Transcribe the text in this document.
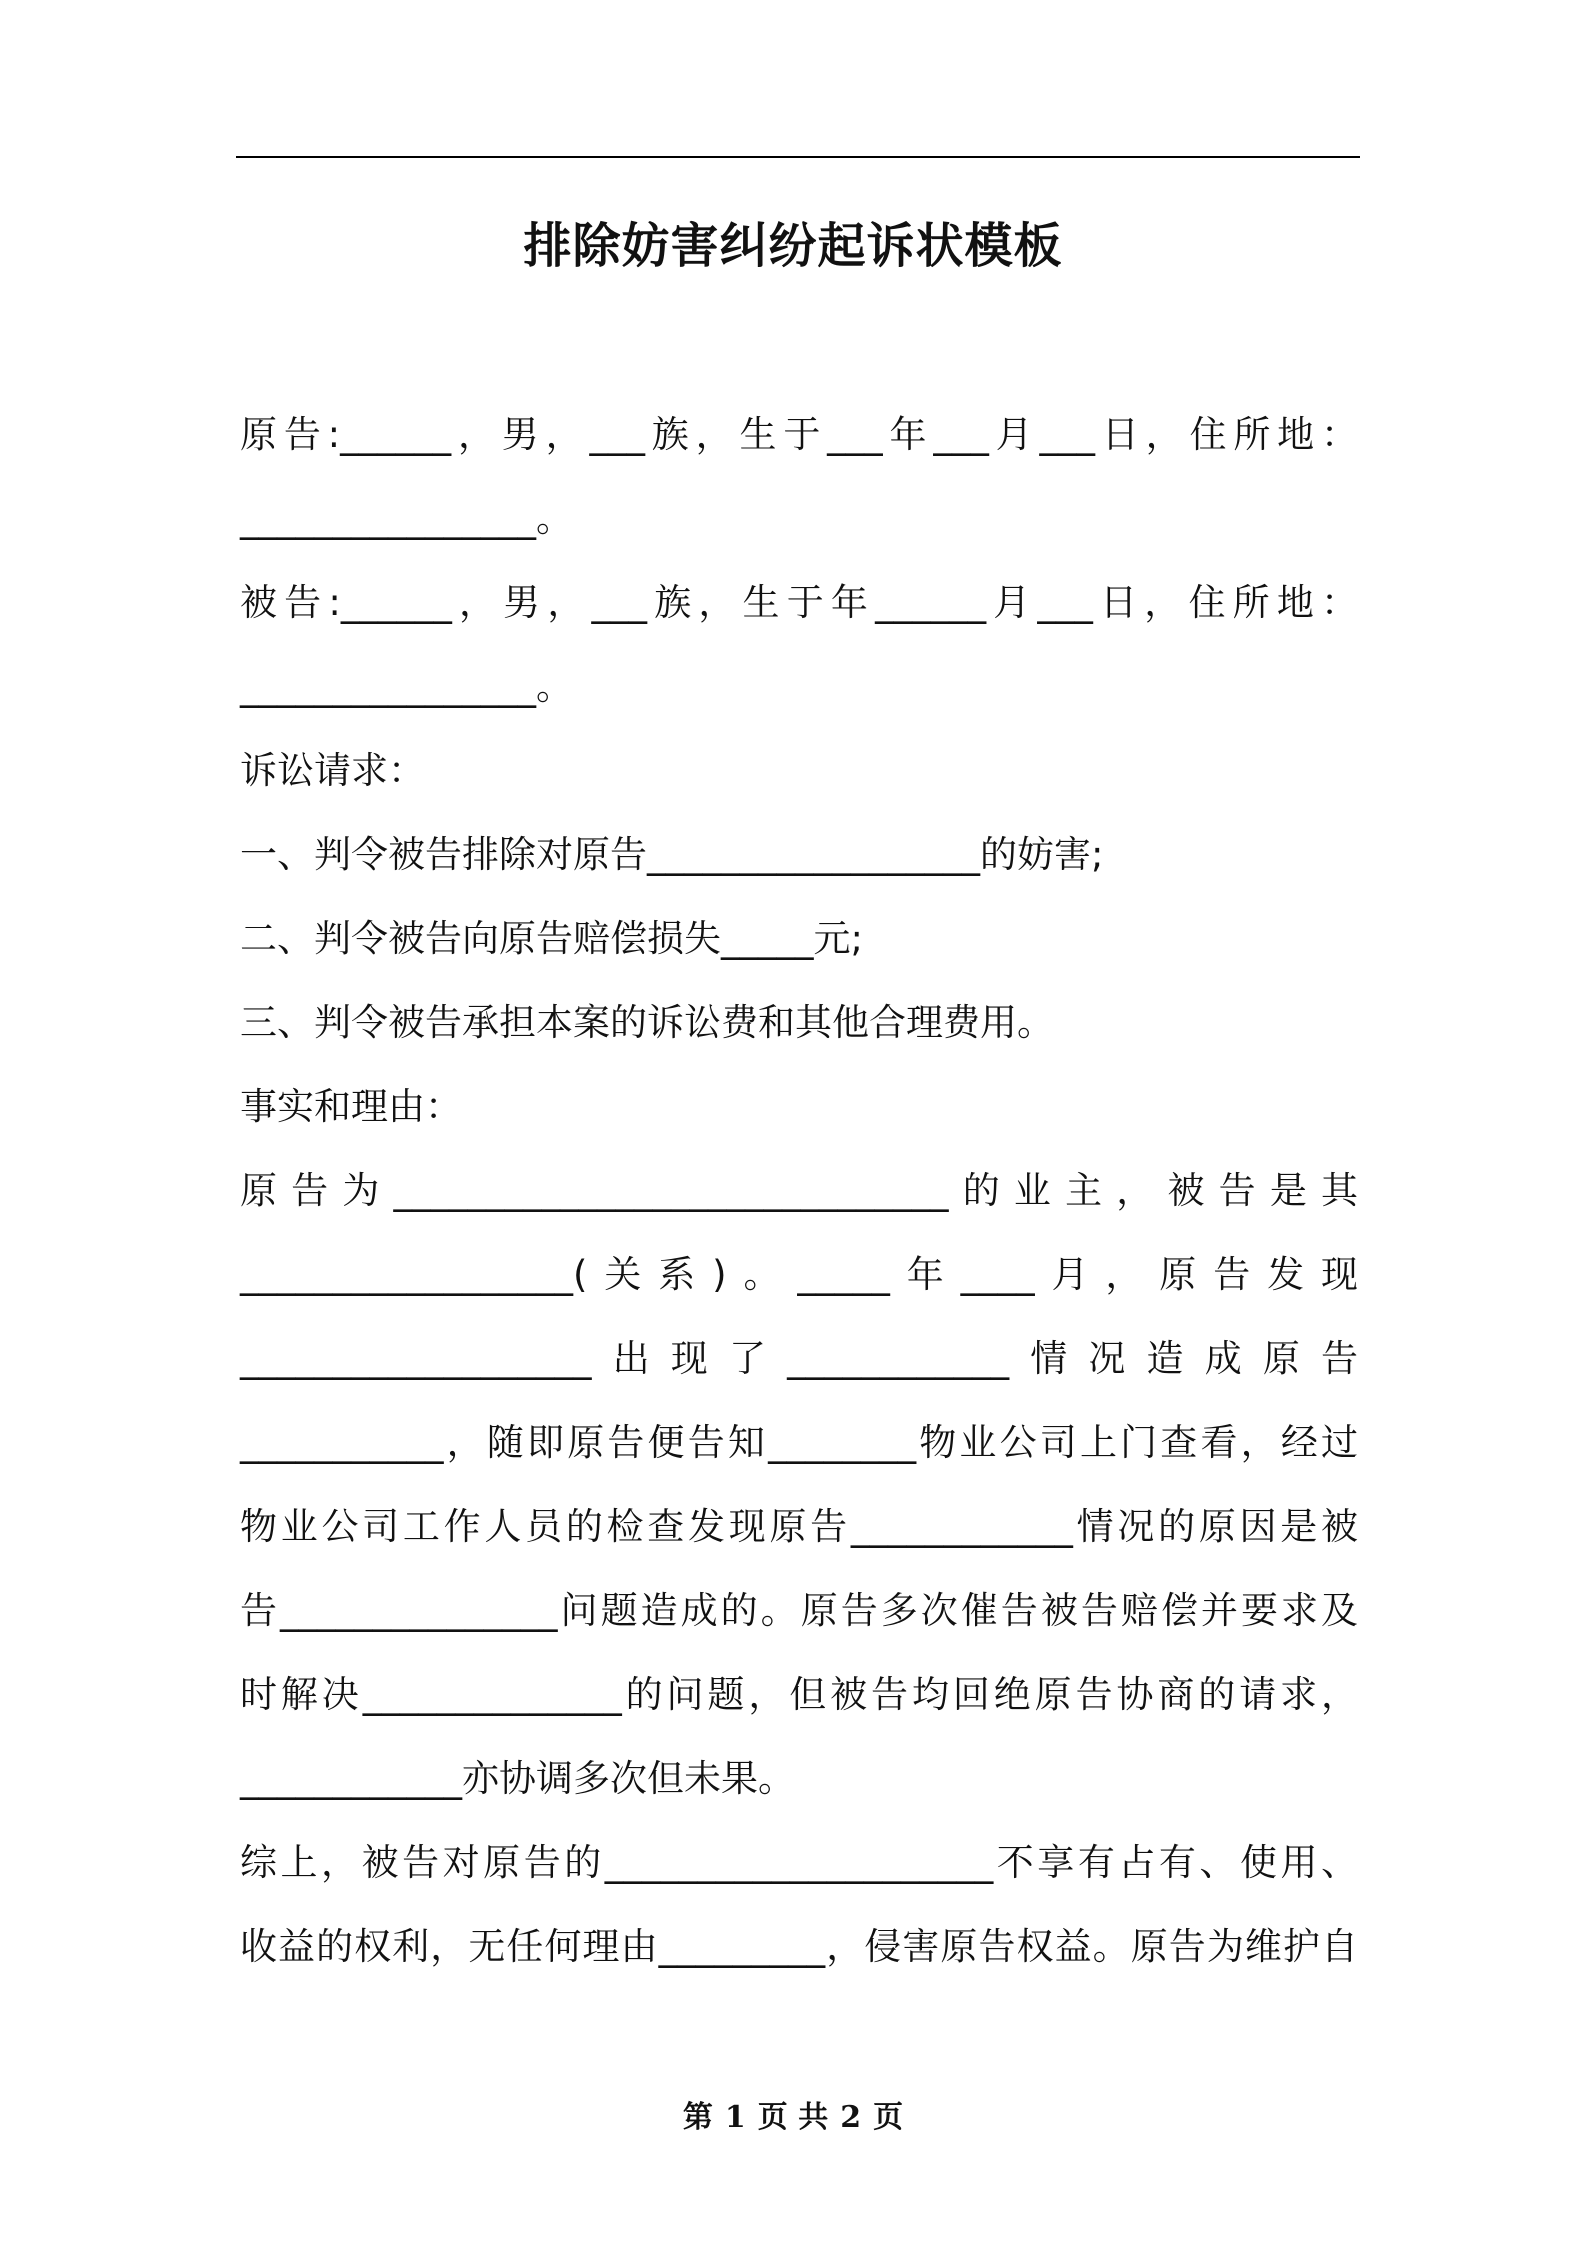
排除妨害纠纷起诉状模板
原告:______，男，___族，生于___年___月___日，住所地：
________________。
被告:______，男，___族，生于年______月___日，住所地：
________________。
诉讼请求：
一、判令被告排除对原告__________________的妨害;
二、判令被告向原告赔偿损失_____元;
三、判令被告承担本案的诉讼费和其他合理费用。
事实和理由：
原告为______________________________的业主，被告是其
__________________(关系)。_____年____月，原告发现
___________________出现了____________情况造成原告
___________，随即原告便告知________物业公司上门查看，经过
物业公司工作人员的检查发现原告____________情况的原因是被
告_______________问题造成的。原告多次催告被告赔偿并要求及
时解决______________的问题，但被告均回绝原告协商的请求，
____________亦协调多次但未果。
综上，被告对原告的_____________________不享有占有、使用、
收益的权利，无任何理由_________，侵害原告权益。原告为维护自
第 1 页 共 2 页
